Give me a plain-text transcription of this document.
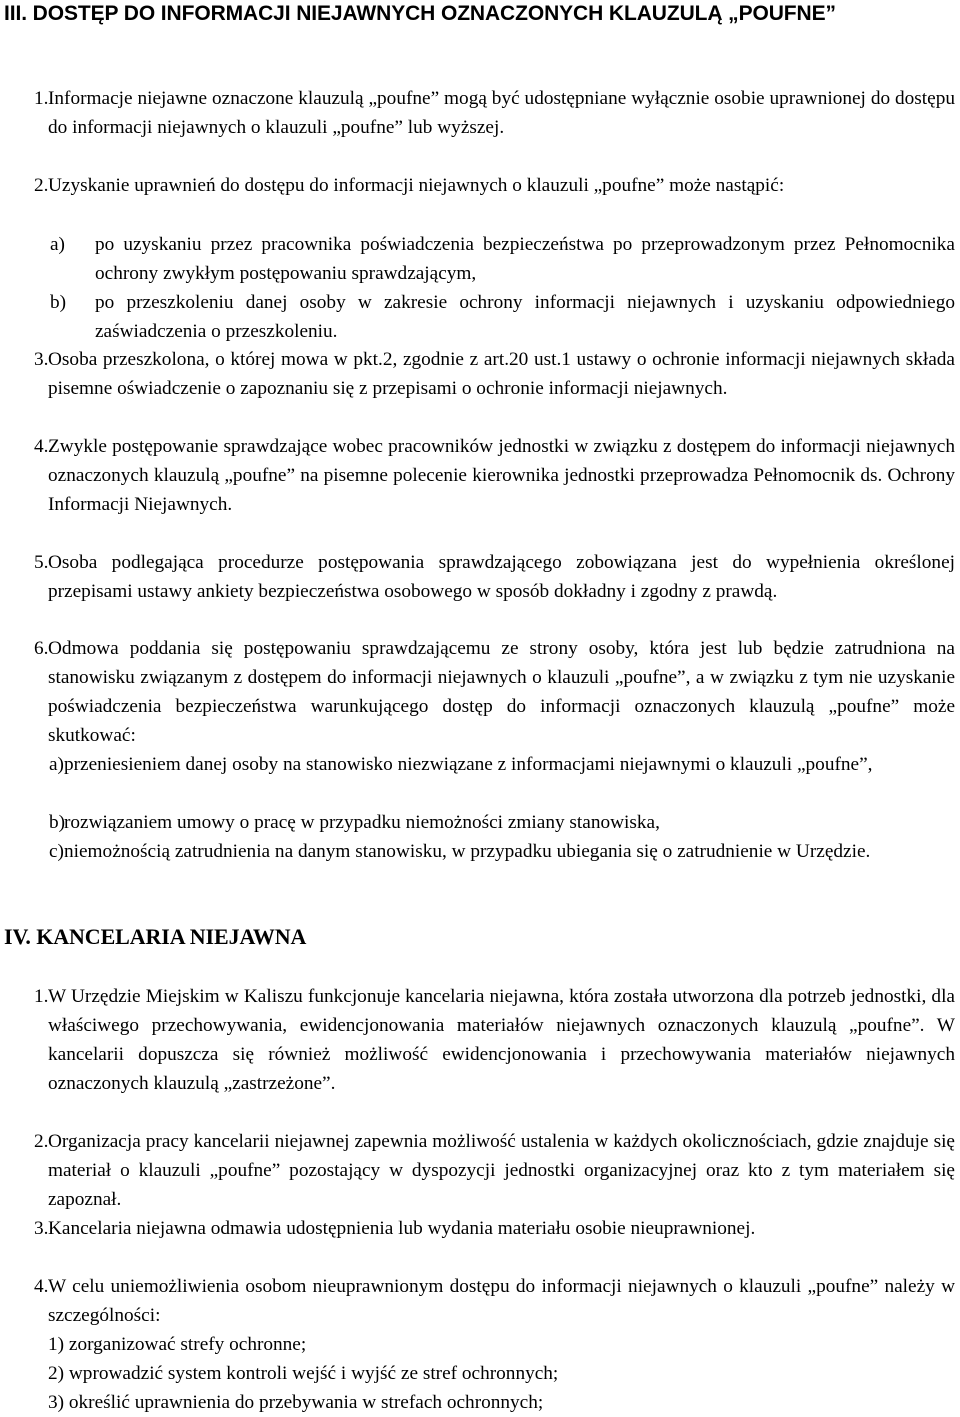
III. DOSTĘP DO INFORMACJI NIEJAWNYCH OZNACZONYCH KLAUZULĄ „POUFNE”

1. Informacje niejawne oznaczone klauzulą „poufne” mogą być udostępniane wyłącznie osobie uprawnionej do dostępu do informacji niejawnych o klauzuli „poufne” lub wyższej.

2. Uzyskanie uprawnień do dostępu do informacji niejawnych o klauzuli „poufne” może nastąpić:

a) po uzyskaniu przez pracownika poświadczenia bezpieczeństwa po przeprowadzonym przez Pełnomocnika ochrony zwykłym postępowaniu sprawdzającym,

b) po przeszkoleniu danej osoby w zakresie ochrony informacji niejawnych i uzyskaniu odpowiedniego zaświadczenia o przeszkoleniu.

3. Osoba przeszkolona, o której mowa w pkt.2, zgodnie z art.20 ust.1 ustawy o ochronie informacji niejawnych składa pisemne oświadczenie o zapoznaniu się z przepisami o ochronie informacji niejawnych.

4. Zwykle postępowanie sprawdzające wobec pracowników jednostki w związku z dostępem do informacji niejawnych oznaczonych klauzulą „poufne” na pisemne polecenie kierownika jednostki przeprowadza Pełnomocnik ds. Ochrony Informacji Niejawnych.

5. Osoba podlegająca procedurze postępowania sprawdzającego zobowiązana jest do wypełnienia określonej przepisami ustawy ankiety bezpieczeństwa osobowego w sposób dokładny i zgodny z prawdą.

6. Odmowa poddania się postępowaniu sprawdzającemu ze strony osoby, która jest lub będzie zatrudniona na stanowisku związanym z dostępem do informacji niejawnych o klauzuli „poufne”, a w związku z tym nie uzyskanie poświadczenia bezpieczeństwa warunkującego dostęp do informacji oznaczonych klauzulą „poufne” może skutkować:

a) przeniesieniem danej osoby na stanowisko niezwiązane z informacjami niejawnymi o klauzuli „poufne”,

b)
rozwiązaniem umowy o pracę w przypadku niemożności zmiany stanowiska,

c) niemożnością zatrudnienia na danym stanowisku, w przypadku ubiegania się o zatrudnienie w Urzędzie.

IV. KANCELARIA NIEJAWNA

1. W Urzędzie Miejskim w Kaliszu funkcjonuje kancelaria niejawna, która została utworzona dla potrzeb jednostki, dla właściwego przechowywania, ewidencjonowania materiałów niejawnych oznaczonych klauzulą „poufne”. W kancelarii dopuszcza się również możliwość ewidencjonowania i przechowywania materiałów niejawnych oznaczonych klauzulą „zastrzeżone”.

2. Organizacja pracy kancelarii niejawnej zapewnia możliwość ustalenia w każdych okolicznościach, gdzie znajduje się materiał o klauzuli „poufne” pozostający w dyspozycji jednostki organizacyjnej oraz kto z tym materiałem się zapoznał.

3. Kancelaria niejawna odmawia udostępnienia lub wydania materiału osobie nieuprawnionej.

4. W celu uniemożliwienia osobom nieuprawnionym dostępu do informacji niejawnych o klauzuli „poufne” należy w szczególności:

1) zorganizować strefy ochronne;

2) wprowadzić system kontroli wejść i wyjść ze stref ochronnych;

3) określić uprawnienia do przebywania w strefach ochronnych;
